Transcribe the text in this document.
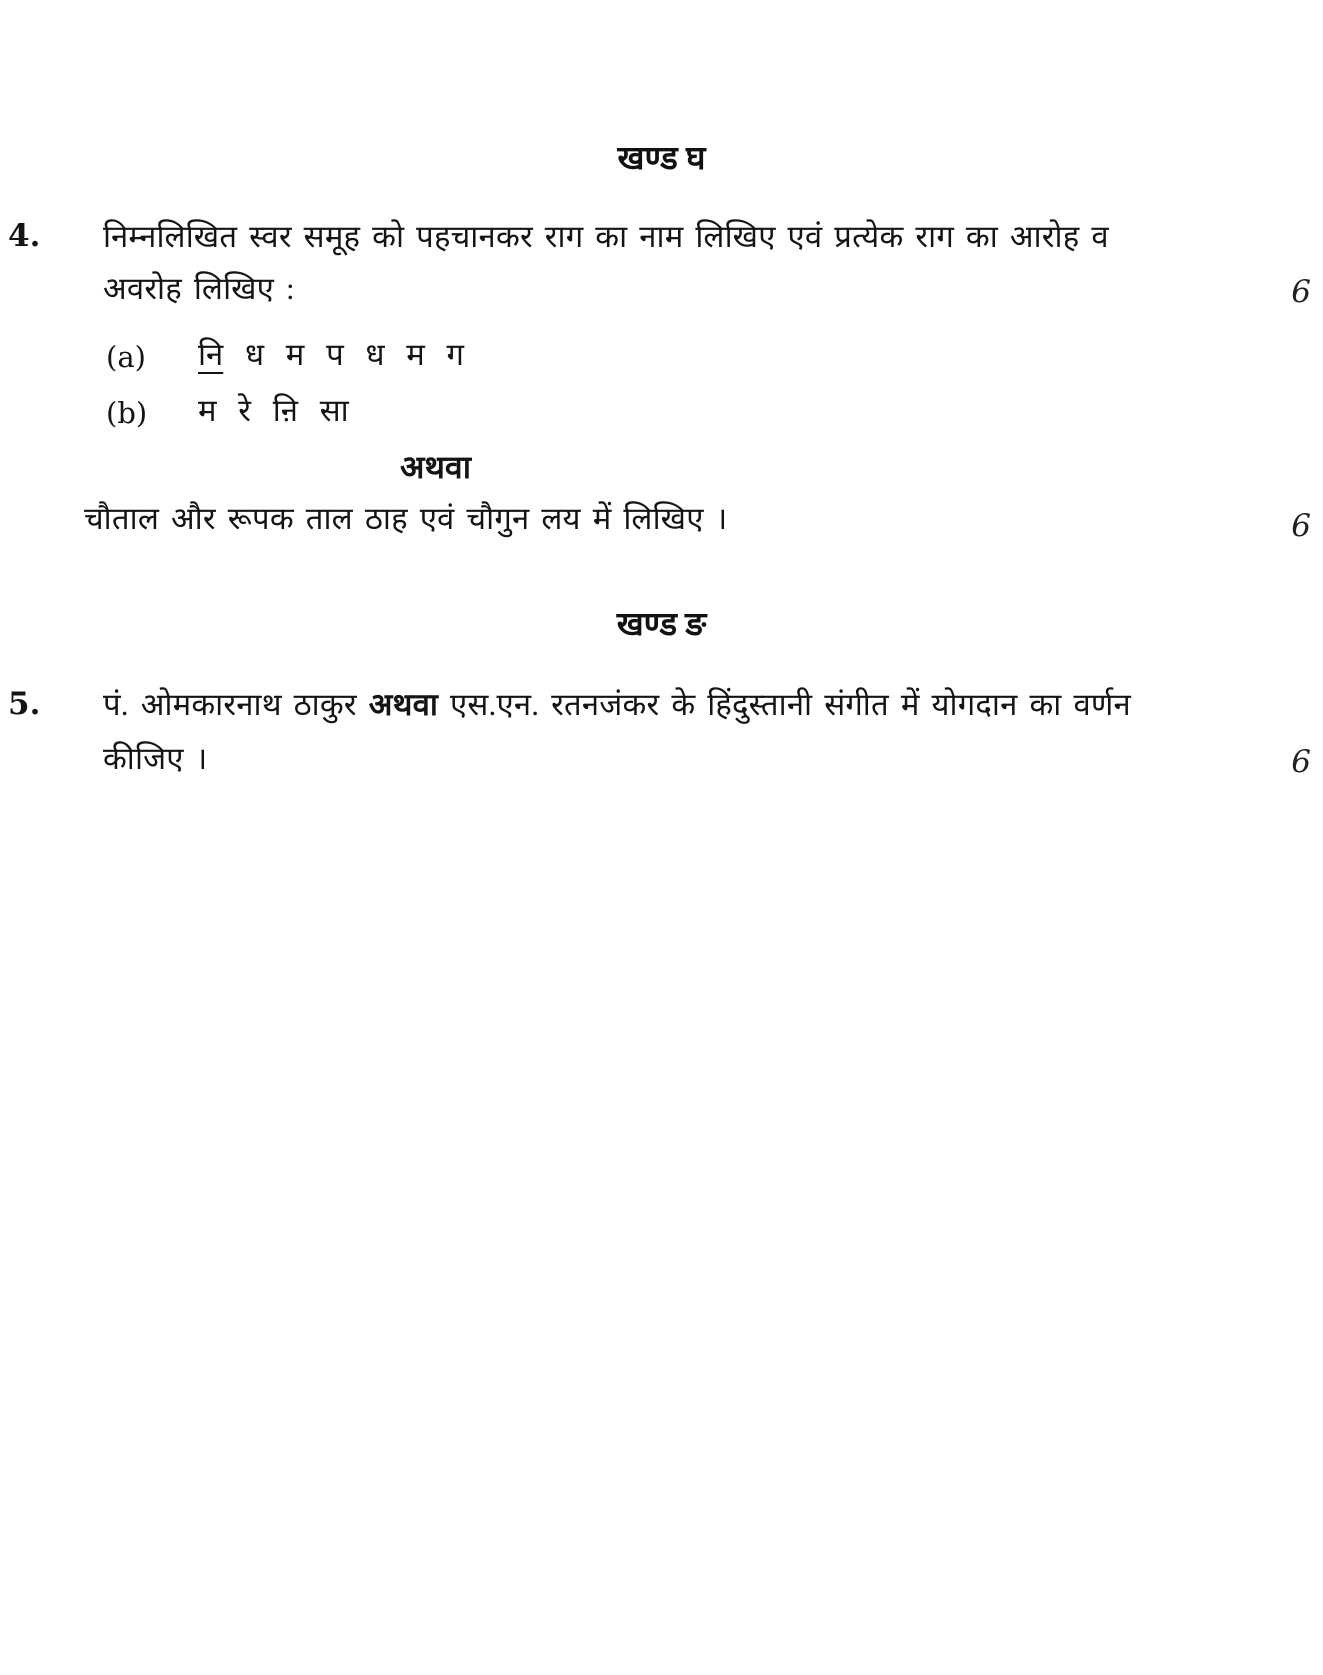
खण्ड घ
4. निम्नलिखित स्वर समूह को पहचानकर राग का नाम लिखिए एवं प्रत्येक राग का आरोह व
अवरोह लिखिए :	6
(a) नि ध म प ध म ग
(b) म रे ऩि सा
अथवा
चौताल और रूपक ताल ठाह एवं चौगुन लय में लिखिए ।	6
खण्ड ङ
5. पं. ओमकारनाथ ठाकुर अथवा एस.एन. रतनजंकर के हिंदुस्तानी संगीत में योगदान का वर्णन
कीजिए ।	6
